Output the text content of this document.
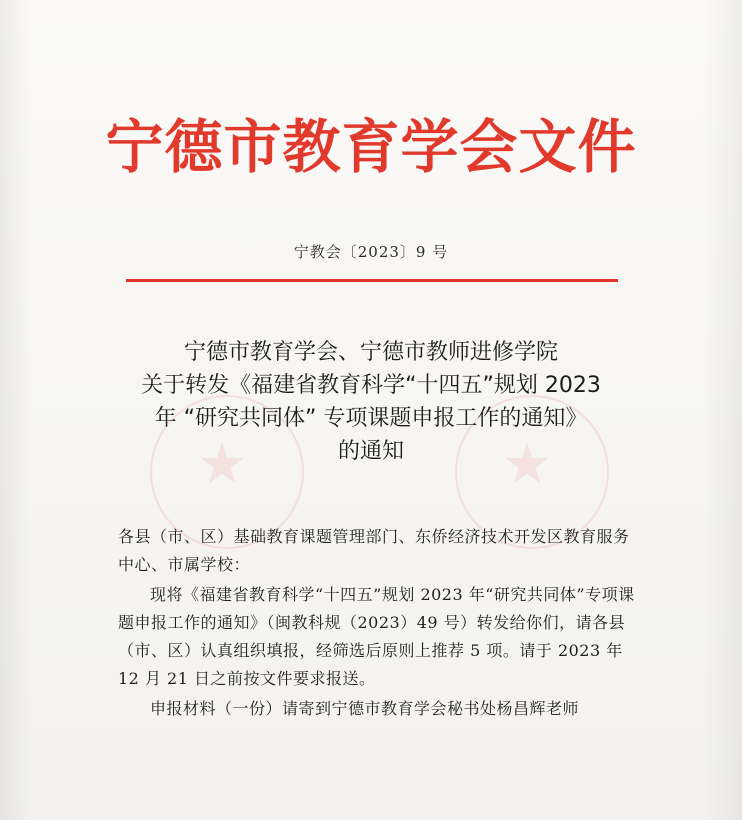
宁德市教育学会文件
宁教会〔2023〕9 号
★	★
宁德市教育学会、宁德市教师进修学院
关于转发《福建省教育科学“十四五”规划 2023
年 “研究共同体” 专项课题申报工作的通知》
的通知

各县（市、区）基础教育课题管理部门、东侨经济技术开发区教育服务中心、市属学校：

现将《福建省教育科学“十四五”规划 2023 年“研究共同体”专项课题申报工作的通知》（闽教科规（2023）49 号）转发给你们，请各县（市、区）认真组织填报，经筛选后原则上推荐 5 项。请于 2023 年 12 月 21 日之前按文件要求报送。

申报材料（一份）请寄到宁德市教育学会秘书处杨昌辉老师
